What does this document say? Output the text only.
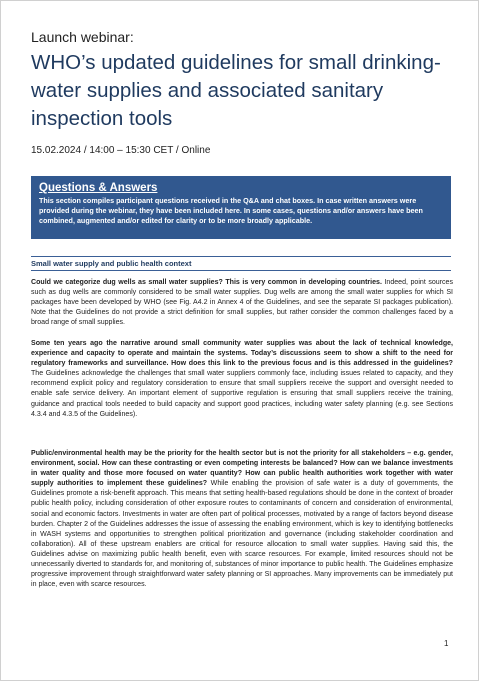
Launch webinar:
WHO’s updated guidelines for small drinking-water supplies and associated sanitary inspection tools
15.02.2024 / 14:00 – 15:30 CET / Online
Questions & Answers
This section compiles participant questions received in the Q&A and chat boxes. In case written answers were provided during the webinar, they have been included here. In some cases, questions and/or answers have been combined, augmented and/or edited for clarity or to be more broadly applicable.
Small water supply and public health context
Could we categorize dug wells as small water supplies? This is very common in developing countries. Indeed, point sources such as dug wells are commonly considered to be small water supplies. Dug wells are among the small water supplies for which SI packages have been developed by WHO (see Fig. A4.2 in Annex 4 of the Guidelines, and see the separate SI packages publication). Note that the Guidelines do not provide a strict definition for small supplies, but rather consider the common challenges faced by a broad range of small supplies.
Some ten years ago the narrative around small community water supplies was about the lack of technical knowledge, experience and capacity to operate and maintain the systems. Today’s discussions seem to show a shift to the need for regulatory frameworks and surveillance. How does this link to the previous focus and is this addressed in the guidelines? The Guidelines acknowledge the challenges that small water suppliers commonly face, including issues related to capacity, and they recommend explicit policy and regulatory consideration to ensure that small suppliers receive the support and oversight needed to enable safe service delivery. An important element of supportive regulation is ensuring that small suppliers receive the training, guidance and practical tools needed to build capacity and support good practices, including water safety planning (e.g. see Sections 4.3.4 and 4.3.5 of the Guidelines).
Public/environmental health may be the priority for the health sector but is not the priority for all stakeholders – e.g. gender, environment, social. How can these contrasting or even competing interests be balanced? How can we balance investments in water quality and those more focused on water quantity? How can public health authorities work together with water supply authorities to implement these guidelines? While enabling the provision of safe water is a duty of governments, the Guidelines promote a risk-benefit approach. This means that setting health-based regulations should be done in the context of broader public health policy, including consideration of other exposure routes to contaminants of concern and consideration of environmental, social and economic factors. Investments in water are often part of political processes, motivated by a range of factors beyond disease burden. Chapter 2 of the Guidelines addresses the issue of assessing the enabling environment, which is key to identifying bottlenecks in WASH systems and opportunities to strengthen political prioritization and governance (including stakeholder coordination and collaboration). All of these upstream enablers are critical for resource allocation to small water supplies. Having said this, the Guidelines advise on maximizing public health benefit, even with scarce resources. For example, limited resources should not be unnecessarily diverted to standards for, and monitoring of, substances of minor importance to public health. The Guidelines emphasize progressive improvement through straightforward water safety planning or SI approaches. Many improvements can be immediately put in place, even with scarce resources.
1
